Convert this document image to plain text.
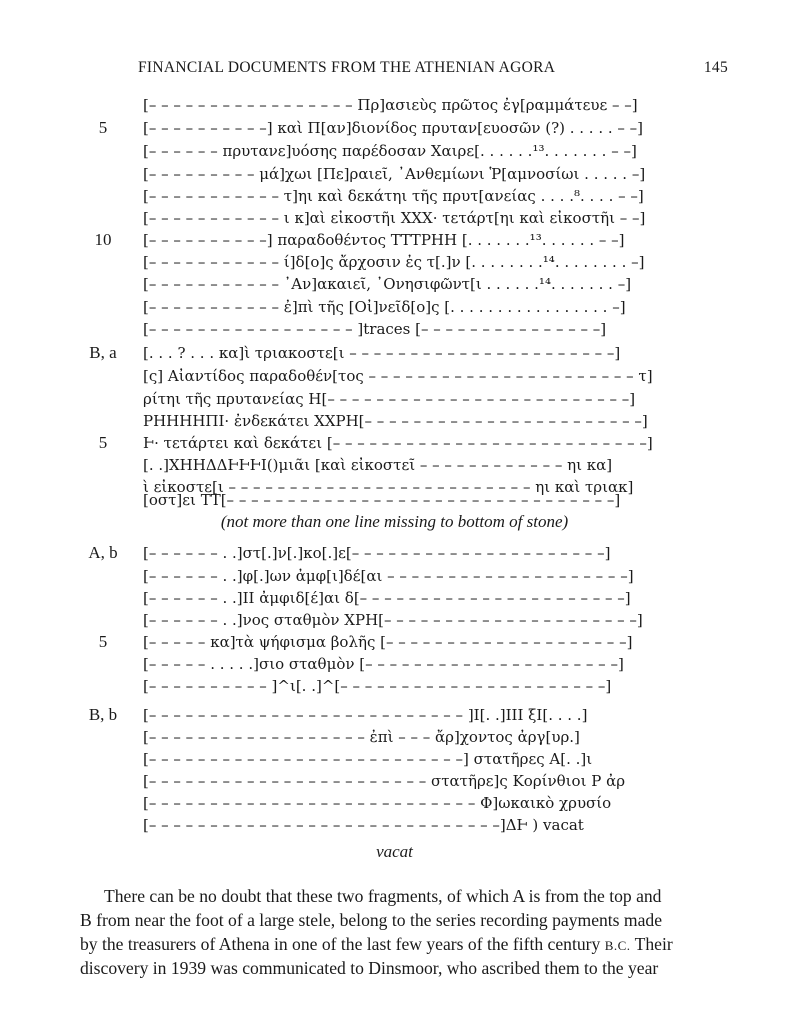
FINANCIAL DOCUMENTS FROM THE ATHENIAN AGORA	145
[– – – – – – – – – – – – – – – – – Πρ]ασιεὺς πρῶτος ἐγ[ραμμάτευε – –]
5	[– – – – – – – – – –] καὶ Π[αν]διονίδος πρυταν[ευοσῶν (?) . . . . . – –]
[– – – – – – πρυτανε]υόσης παρέδοσαν Χαιρε[. . . . . .¹³. . . . . . . – –]
[– – – – – – – – – μά]χωι [Πε]ραιεῖ, ᾿Ανθεμίωνι Ῥ[αμνοσίωι . . . . . –]
[– – – – – – – – – – – τ]ηι καὶ δεκάτηι τῆς πρυτ[ανείας . . . .⁸. . . . – –]
[– – – – – – – – – – – ι κ]αὶ εἰκοστῆι ΧΧΧ· τετάρτ[ηι καὶ εἰκοστῆι – –]
10	[– – – – – – – – – –] παραδοθέντος ΤΤΤΡΗΗ [. . . . . . .¹³. . . . . . – –]
[– – – – – – – – – – – ί]δ[ο]ς ἄρχοσιν ἐς τ[.]ν [. . . . . . . .¹⁴. . . . . . . . –]
[– – – – – – – – – – – ᾿Αν]ακαιεῖ, ᾿Ονησιφῶντ[ι . . . . . .¹⁴. . . . . . . –]
[– – – – – – – – – – – ἐ]πὶ τῆς [Οἰ]νεῖδ[ο]ς [. . . . . . . . . . . . . . . . . –]
[– – – – – – – – – – – – – – – – – ]traces [– – – – – – – – – – – – – – –]
B, a	[. . . ? . . . κα]ὶ τριακοστε[ι – – – – – – – – – – – – – – – – – – – – – –]
[ς] Αἰαντίδος παραδοθέν[τος – – – – – – – – – – – – – – – – – – – – – – τ]
ρίτηι τῆς πρυτανείας Η[– – – – – – – – – – – – – – – – – – – – – – – – –]
ΡΗΗΗΗΠΙ· ἐνδεκάτει ΧΧΡΗ[– – – – – – – – – – – – – – – – – – – – – – –]
5	Ͱ· τετάρτει καὶ δεκάτει [– – – – – – – – – – – – – – – – – – – – – – – – – –]
[. .]ΧΗΗΔΔͰͰͰΙ()μιᾶι [καὶ εἰκοστεῖ – – – – – – – – – – – – ηι κα]
ὶ εἰκοστε[ι – – – – – – – – – – – – – – – – – – – – – – – – – ηι καὶ τριακ]
[οστ]ει ΤΤ[– – – – – – – – – – – – – – – – – – – – – – – – – – – – – – – –]
(not more than one line missing to bottom of stone)
A, b	[– – – – – – . .]στ[.]ν[.]κο[.]ε[– – – – – – – – – – – – – – – – – – – – –]
[– – – – – – . .]φ[.]ων ἀμφ[ι]δέ[αι – – – – – – – – – – – – – – – – – – – –]
[– – – – – – . .]ΙΙ ἀμφιδ[έ]αι δ[– – – – – – – – – – – – – – – – – – – – – –]
[– – – – – – . .]νος σταθμὸν ΧΡΗ[– – – – – – – – – – – – – – – – – – – – –]
5	[– – – – – κα]τὰ ψήφισμα βολῆς [– – – – – – – – – – – – – – – – – – – –]
[– – – – – . . . . .]σιο σταθμὸν [– – – – – – – – – – – – – – – – – – – – –]
[– – – – – – – – – – ]^ι[. .]^[– – – – – – – – – – – – – – – – – – – – – –]
B, b	[– – – – – – – – – – – – – – – – – – – – – – – – – – ]Ι[. .]ΙΙΙ ξΙ[. . . .]
[– – – – – – – – – – – – – – – – – – ἐπὶ – – – ἄρ]χοντος ἀργ[υρ.]
[– – – – – – – – – – – – – – – – – – – – – – – – – –] στατῆρες Α[. .]ι
[– – – – – – – – – – – – – – – – – – – – – – – στατῆρε]ς Κορίνθιοι Ρ ἀρ
[– – – – – – – – – – – – – – – – – – – – – – – – – – – Φ]ωκαικὸ χρυσίο
[– – – – – – – – – – – – – – – – – – – – – – – – – – – – –]ΔͰ ) vacat
vacat
There can be no doubt that these two fragments, of which A is from the top and
B from near the foot of a large stele, belong to the series recording payments made
by the treasurers of Athena in one of the last few years of the fifth century B.C. Their
discovery in 1939 was communicated to Dinsmoor, who ascribed them to the year
